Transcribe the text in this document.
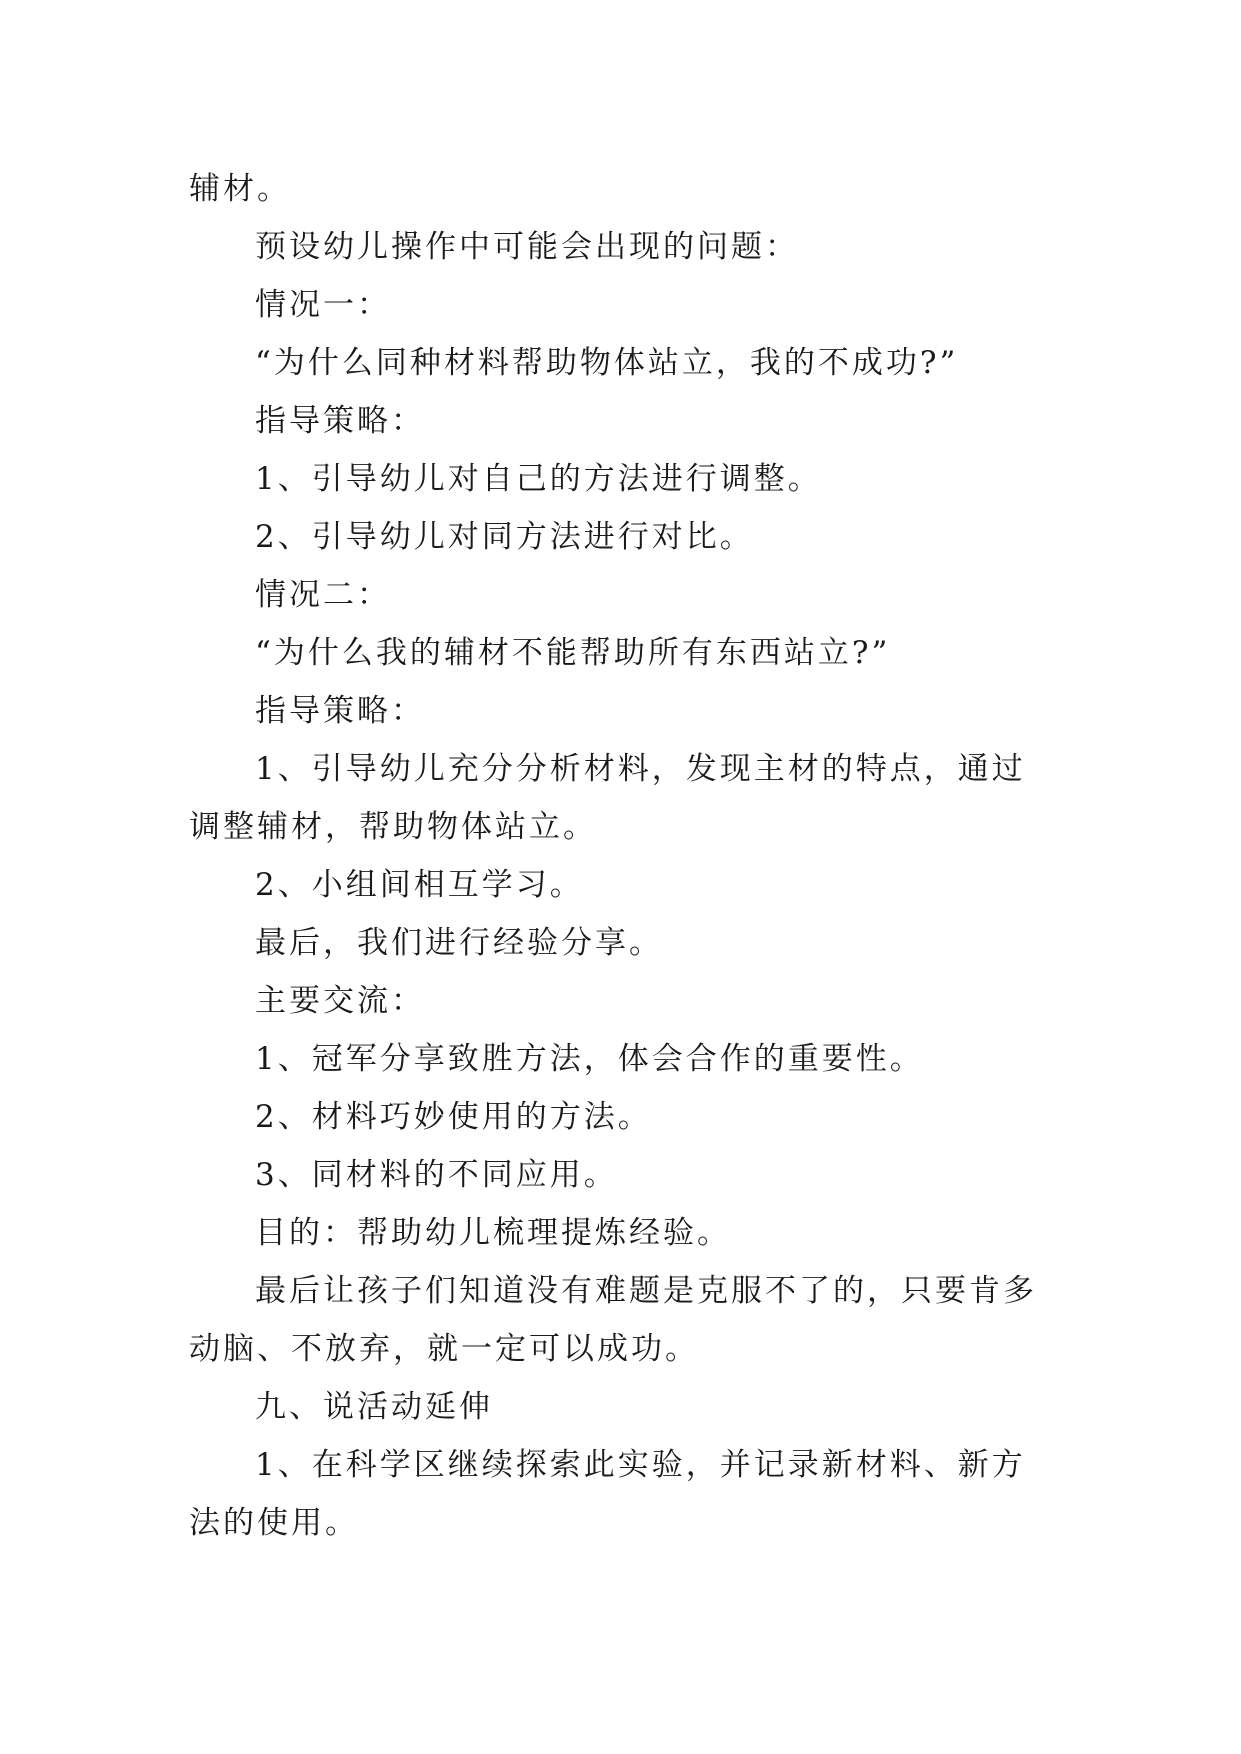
辅材。

预设幼儿操作中可能会出现的问题：

情况一：

“为什么同种材料帮助物体站立，我的不成功?”

指导策略：

1、引导幼儿对自己的方法进行调整。

2、引导幼儿对同方法进行对比。

情况二：

“为什么我的辅材不能帮助所有东西站立?”

指导策略：

1、引导幼儿充分分析材料，发现主材的特点，通过调整辅材，帮助物体站立。

2、小组间相互学习。

最后，我们进行经验分享。

主要交流：

1、冠军分享致胜方法，体会合作的重要性。

2、材料巧妙使用的方法。

3、同材料的不同应用。

目的：帮助幼儿梳理提炼经验。

最后让孩子们知道没有难题是克服不了的，只要肯多动脑、不放弃，就一定可以成功。

九、说活动延伸

1、在科学区继续探索此实验，并记录新材料、新方法的使用。
